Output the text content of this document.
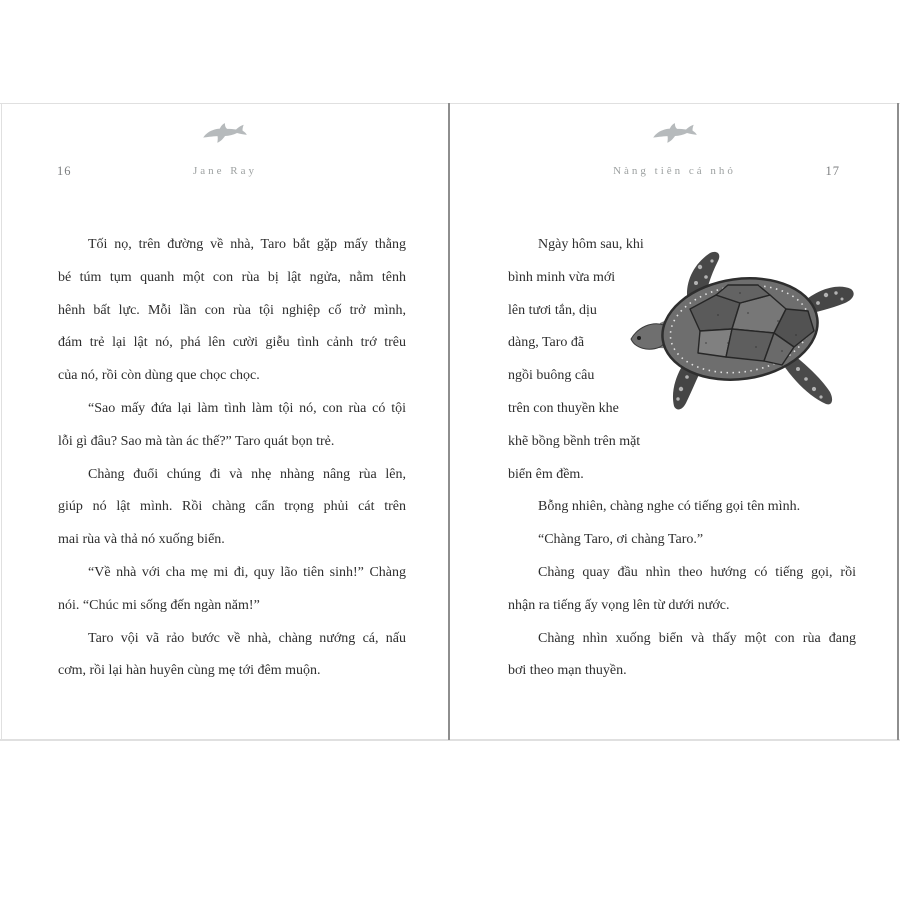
16	Jane Ray
Tối nọ, trên đường về nhà, Taro bắt gặp mấy thằng
bé túm tụm quanh một con rùa bị lật ngửa, nằm tênh
hênh bất lực. Mỗi lần con rùa tội nghiệp cố trở mình,
đám trẻ lại lật nó, phá lên cười giễu tình cảnh trớ trêu
của nó, rồi còn dùng que chọc chọc.
“Sao mấy đứa lại làm tình làm tội nó, con rùa có tội
lỗi gì đâu? Sao mà tàn ác thế?” Taro quát bọn trẻ.
Chàng đuổi chúng đi và nhẹ nhàng nâng rùa lên,
giúp nó lật mình. Rồi chàng cẩn trọng phủi cát trên
mai rùa và thả nó xuống biển.
“Về nhà với cha mẹ mi đi, quy lão tiên sinh!” Chàng
nói. “Chúc mi sống đến ngàn năm!”
Taro vội vã rảo bước về nhà, chàng nướng cá, nấu
cơm, rồi lại hàn huyên cùng mẹ tới đêm muộn.
Nàng tiên cá nhỏ	17
Ngày hôm sau, khi
bình minh vừa mới
lên tươi tắn, dịu
dàng, Taro đã
ngồi buông câu
trên con thuyền khe
khẽ bồng bềnh trên mặt
biển êm đềm.
Bỗng nhiên, chàng nghe có tiếng gọi tên mình.
“Chàng Taro, ơi chàng Taro.”
Chàng quay đầu nhìn theo hướng có tiếng gọi, rồi
nhận ra tiếng ấy vọng lên từ dưới nước.
Chàng nhìn xuống biển và thấy một con rùa đang
bơi theo mạn thuyền.
